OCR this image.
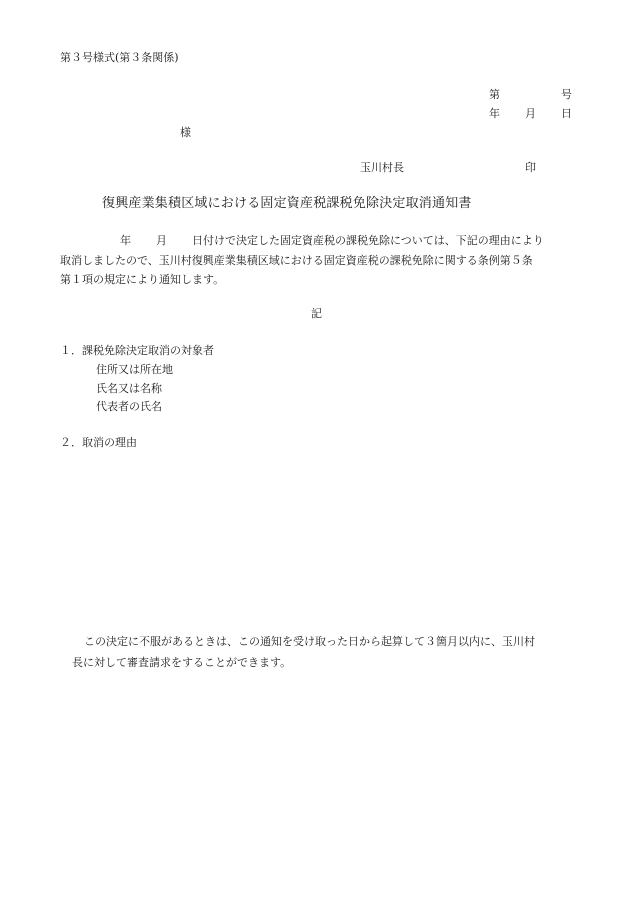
第３号様式(第３条関係)
第	号
年 月 日
様
玉川村長	印
復興産業集積区域における固定資産税課税免除決定取消通知書
年 月 日付けで決定した固定資産税の課税免除については、下記の理由により
取消しましたので、玉川村復興産業集積区域における固定資産税の課税免除に関する条例第５条
第１項の規定により通知します。
記
１．課税免除決定取消の対象者
住所又は所在地
氏名又は名称
代表者の氏名
２．取消の理由
この決定に不服があるときは、この通知を受け取った日から起算して３箇月以内に、玉川村
長に対して審査請求をすることができます。
